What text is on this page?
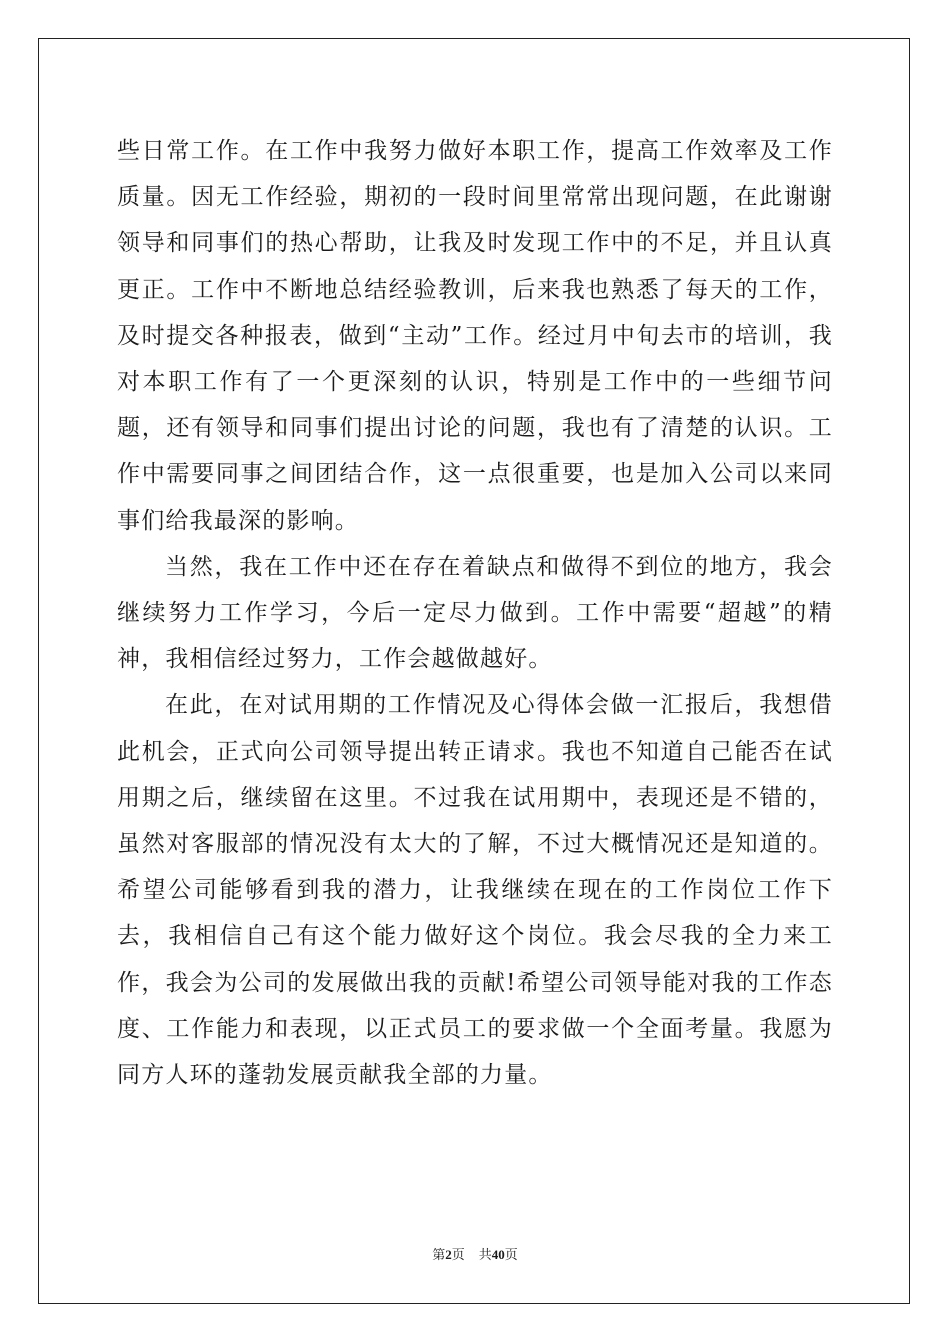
些日常工作。在工作中我努力做好本职工作，提高工作效率及工作质量。因无工作经验，期初的一段时间里常常出现问题，在此谢谢领导和同事们的热心帮助，让我及时发现工作中的不足，并且认真更正。工作中不断地总结经验教训，后来我也熟悉了每天的工作，及时提交各种报表，做到“主动”工作。经过月中旬去市的培训，我对本职工作有了一个更深刻的认识，特别是工作中的一些细节问题，还有领导和同事们提出讨论的问题，我也有了清楚的认识。工作中需要同事之间团结合作，这一点很重要，也是加入公司以来同事们给我最深的影响。

当然，我在工作中还在存在着缺点和做得不到位的地方，我会继续努力工作学习，今后一定尽力做到。工作中需要“超越”的精神，我相信经过努力，工作会越做越好。

在此，在对试用期的工作情况及心得体会做一汇报后，我想借此机会，正式向公司领导提出转正请求。我也不知道自己能否在试用期之后，继续留在这里。不过我在试用期中，表现还是不错的，虽然对客服部的情况没有太大的了解，不过大概情况还是知道的。希望公司能够看到我的潜力，让我继续在现在的工作岗位工作下去，我相信自己有这个能力做好这个岗位。我会尽我的全力来工作，我会为公司的发展做出我的贡献!希望公司领导能对我的工作态度、工作能力和表现，以正式员工的要求做一个全面考量。我愿为同方人环的蓬勃发展贡献我全部的力量。

第2页 共40页
